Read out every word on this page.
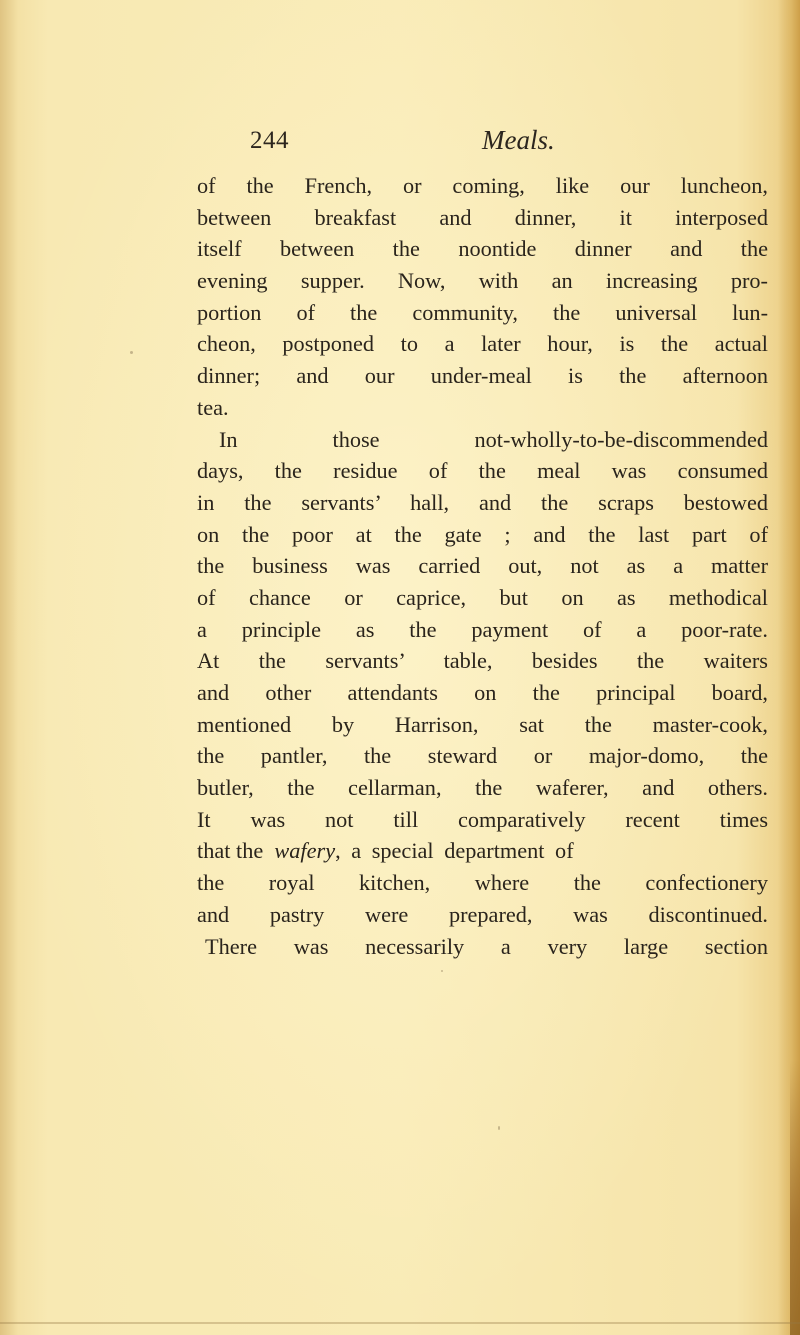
244	Meals.
of the French, or coming, like our luncheon,
between breakfast and dinner, it interposed
itself between the noontide dinner and the
evening supper. Now, with an increasing pro-
portion of the community, the universal lun-
cheon, postponed to a later hour, is the actual
dinner; and our under-meal is the afternoon
tea.
In those not-wholly-to-be-discommended
days, the residue of the meal was consumed
in the servants’ hall, and the scraps bestowed
on the poor at the gate ; and the last part of
the business was carried out, not as a matter
of chance or caprice, but on as methodical
a principle as the payment of a poor-rate.
At the servants’ table, besides the waiters
and other attendants on the principal board,
mentioned by Harrison, sat the master-cook,
the pantler, the steward or major-domo, the
butler, the cellarman, the waferer, and others.
It was not till comparatively recent times
that the wafery, a special department of
the royal kitchen, where the confectionery
and pastry were prepared, was discontinued.
There was necessarily a very large section
